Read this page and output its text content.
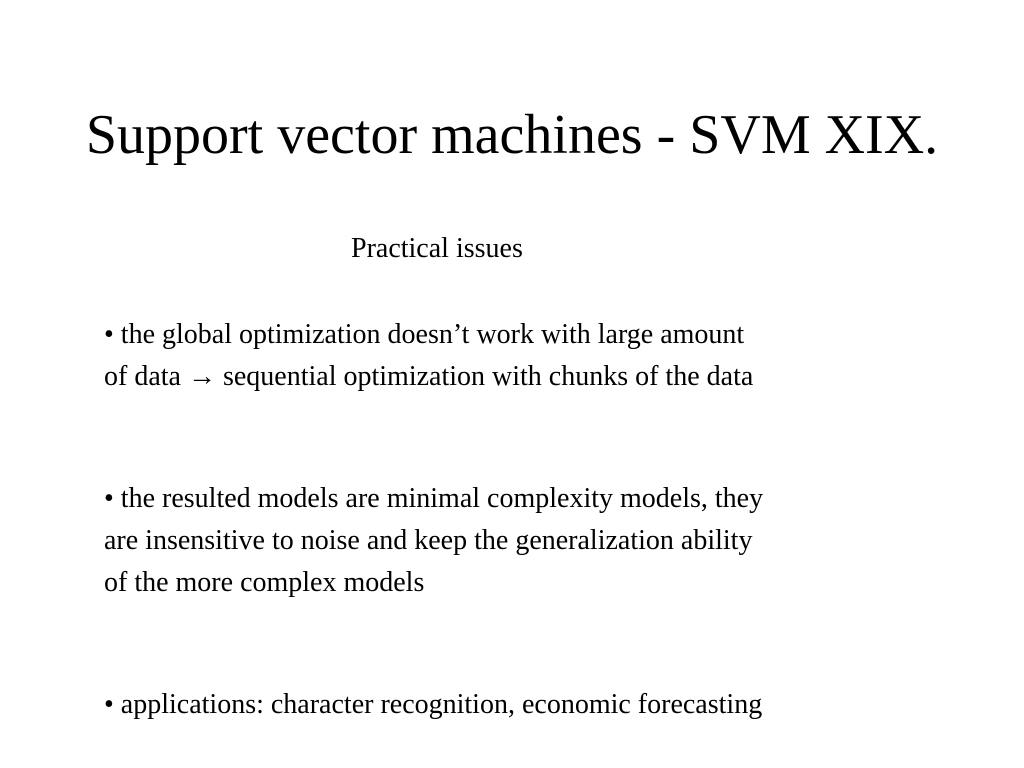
Support vector machines - SVM XIX.
Practical issues
• the global optimization doesn’t work with large amount
of data → sequential optimization with chunks of the data
• the resulted models are minimal complexity models, they
are insensitive to noise and keep the generalization ability
of the more complex models
• applications: character recognition, economic forecasting
